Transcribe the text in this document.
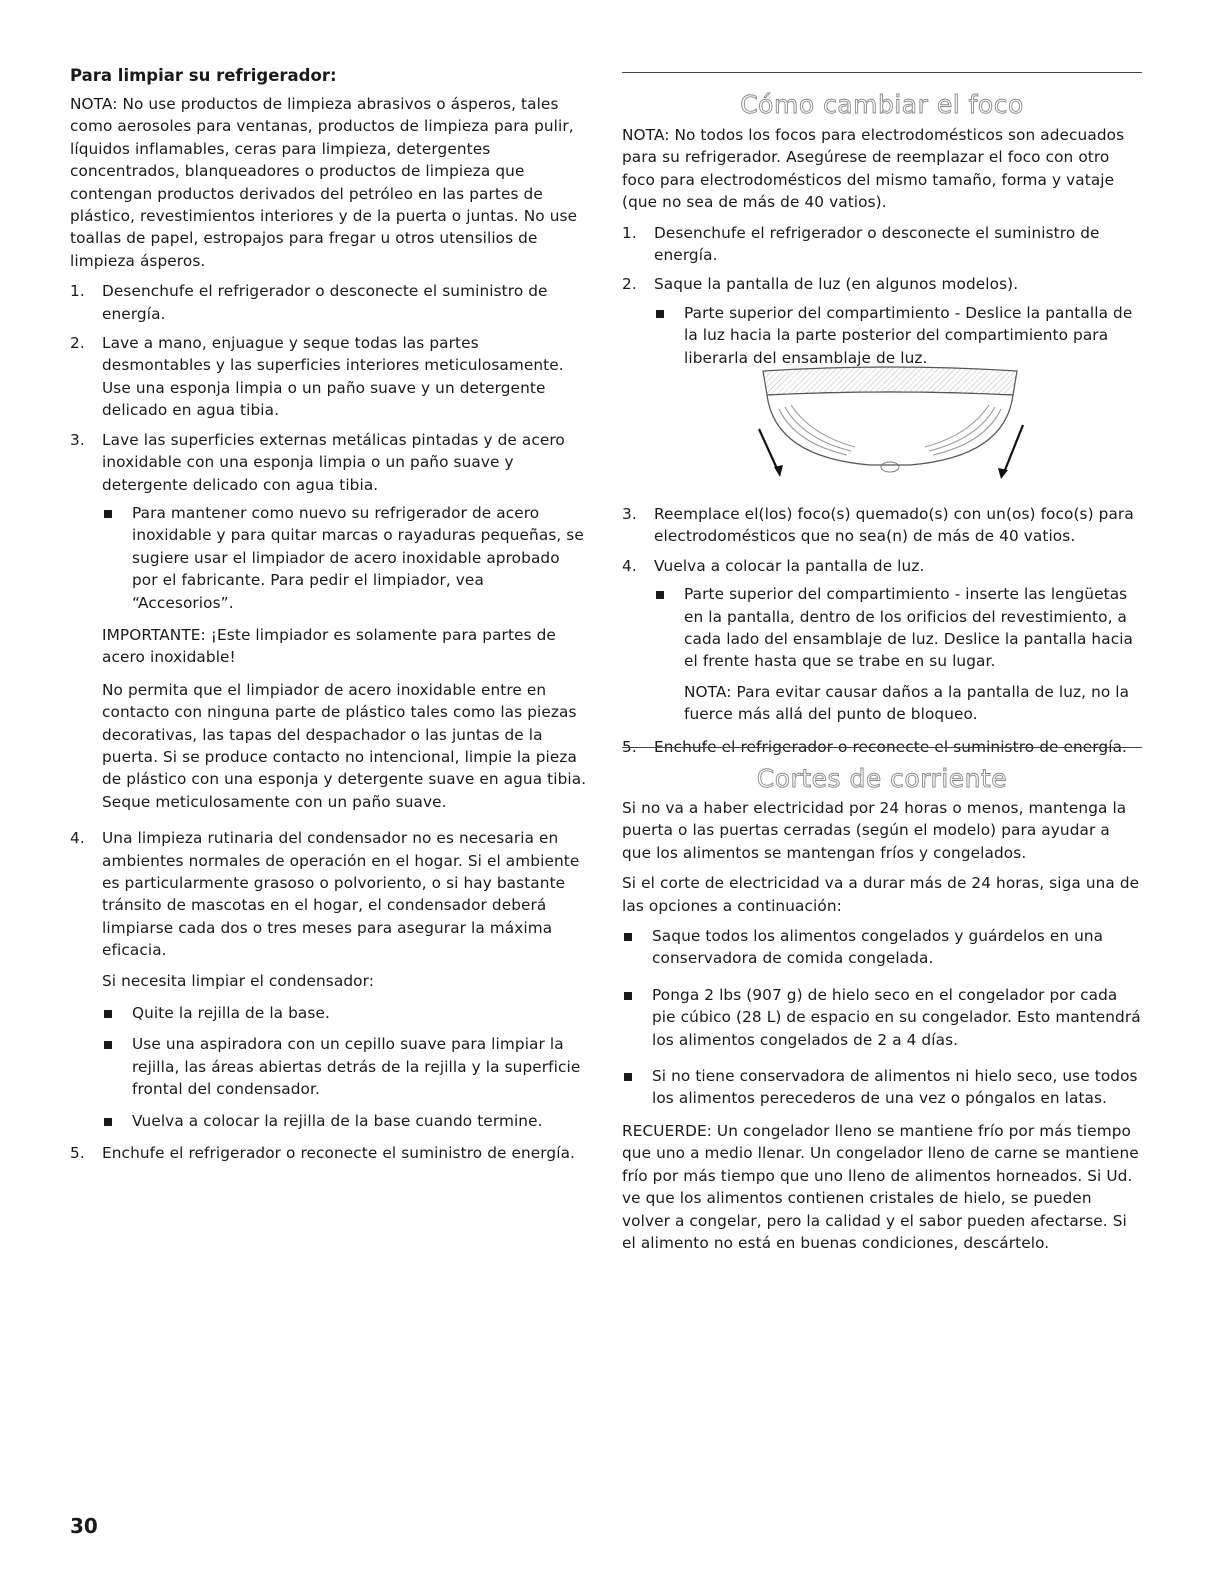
Para limpiar su refrigerador:

NOTA: No use productos de limpieza abrasivos o ásperos, tales como aerosoles para ventanas, productos de limpieza para pulir, líquidos inflamables, ceras para limpieza, detergentes concentrados, blanqueadores o productos de limpieza que contengan productos derivados del petróleo en las partes de plástico, revestimientos interiores y de la puerta o juntas. No use toallas de papel, estropajos para fregar u otros utensilios de limpieza ásperos.

1. Desenchufe el refrigerador o desconecte el suministro de energía.
2. Lave a mano, enjuague y seque todas las partes desmontables y las superficies interiores meticulosamente. Use una esponja limpia o un paño suave y un detergente delicado en agua tibia.
3. Lave las superficies externas metálicas pintadas y de acero inoxidable con una esponja limpia o un paño suave y detergente delicado con agua tibia.
Para mantener como nuevo su refrigerador de acero inoxidable y para quitar marcas o rayaduras pequeñas, se sugiere usar el limpiador de acero inoxidable aprobado por el fabricante. Para pedir el limpiador, vea “Accesorios”.

IMPORTANTE: ¡Este limpiador es solamente para partes de acero inoxidable!

No permita que el limpiador de acero inoxidable entre en contacto con ninguna parte de plástico tales como las piezas decorativas, las tapas del despachador o las juntas de la puerta. Si se produce contacto no intencional, limpie la pieza de plástico con una esponja y detergente suave en agua tibia. Seque meticulosamente con un paño suave.

4. Una limpieza rutinaria del condensador no es necesaria en ambientes normales de operación en el hogar. Si el ambiente es particularmente grasoso o polvoriento, o si hay bastante tránsito de mascotas en el hogar, el condensador deberá limpiarse cada dos o tres meses para asegurar la máxima eficacia.

Si necesita limpiar el condensador:

Quite la rejilla de la base.
Use una aspiradora con un cepillo suave para limpiar la rejilla, las áreas abiertas detrás de la rejilla y la superficie frontal del condensador.
Vuelva a colocar la rejilla de la base cuando termine.
5. Enchufe el refrigerador o reconecte el suministro de energía.
Cómo cambiar el foco

NOTA: No todos los focos para electrodomésticos son adecuados para su refrigerador. Asegúrese de reemplazar el foco con otro foco para electrodomésticos del mismo tamaño, forma y vataje (que no sea de más de 40 vatios).

1. Desenchufe el refrigerador o desconecte el suministro de energía.
2. Saque la pantalla de luz (en algunos modelos).
Parte superior del compartimiento - Deslice la pantalla de la luz hacia la parte posterior del compartimiento para liberarla del ensamblaje de luz.
3. Reemplace el(los) foco(s) quemado(s) con un(os) foco(s) para electrodomésticos que no sea(n) de más de 40 vatios.
4. Vuelva a colocar la pantalla de luz.
Parte superior del compartimiento - inserte las lengüetas en la pantalla, dentro de los orificios del revestimiento, a cada lado del ensamblaje de luz. Deslice la pantalla hacia el frente hasta que se trabe en su lugar.

NOTA: Para evitar causar daños a la pantalla de luz, no la fuerce más allá del punto de bloqueo.

5. Enchufe el refrigerador o reconecte el suministro de energía.
Cortes de corriente

Si no va a haber electricidad por 24 horas o menos, mantenga la puerta o las puertas cerradas (según el modelo) para ayudar a que los alimentos se mantengan fríos y congelados.

Si el corte de electricidad va a durar más de 24 horas, siga una de las opciones a continuación:

Saque todos los alimentos congelados y guárdelos en una conservadora de comida congelada.
Ponga 2 lbs (907 g) de hielo seco en el congelador por cada pie cúbico (28 L) de espacio en su congelador. Esto mantendrá los alimentos congelados de 2 a 4 días.
Si no tiene conservadora de alimentos ni hielo seco, use todos los alimentos perecederos de una vez o póngalos en latas.

RECUERDE: Un congelador lleno se mantiene frío por más tiempo que uno a medio llenar. Un congelador lleno de carne se mantiene frío por más tiempo que uno lleno de alimentos horneados. Si Ud. ve que los alimentos contienen cristales de hielo, se pueden volver a congelar, pero la calidad y el sabor pueden afectarse. Si el alimento no está en buenas condiciones, descártelo.

30
